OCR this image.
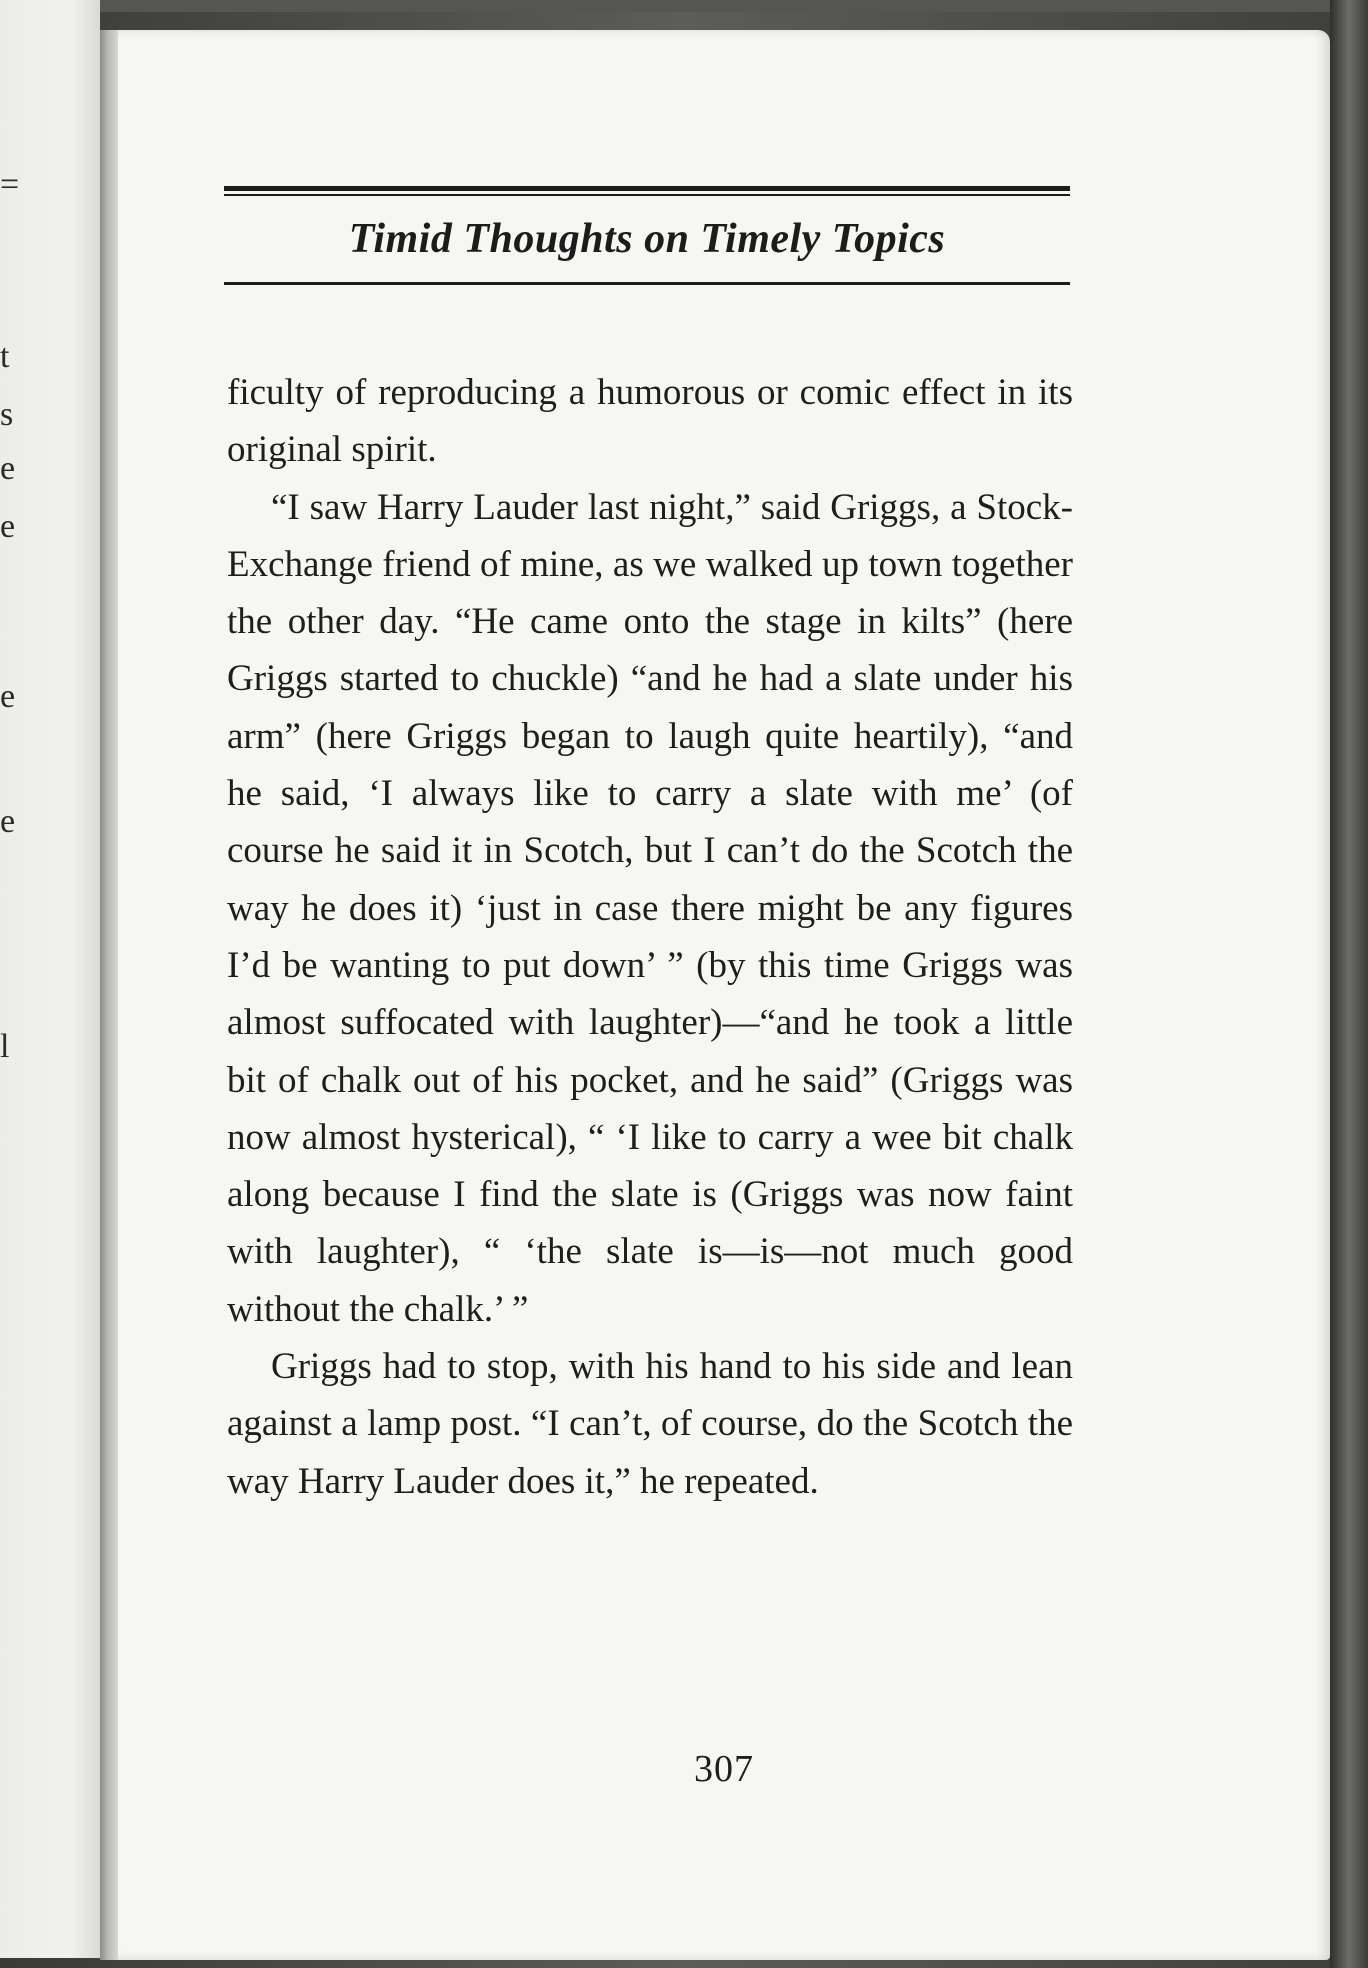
=
t
s
e
e
e
e
l
Timid Thoughts on Timely Topics

ficulty of reproducing a humorous or comic effect in its original spirit.

“I saw Harry Lauder last night,” said Griggs, a Stock-Exchange friend of mine, as we walked up town together the other day. “He came onto the stage in kilts” (here Griggs started to chuckle) “and he had a slate under his arm” (here Griggs began to laugh quite heartily), “and he said, ‘I always like to carry a slate with me’ (of course he said it in Scotch, but I can’t do the Scotch the way he does it) ‘just in case there might be any figures I’d be wanting to put down’ ” (by this time Griggs was almost suffocated with laughter)—“and he took a little bit of chalk out of his pocket, and he said” (Griggs was now almost hysterical), “ ‘I like to carry a wee bit chalk along because I find the slate is (Griggs was now faint with laughter), “ ‘the slate is—is—not much good without the chalk.’ ”

Griggs had to stop, with his hand to his side and lean against a lamp post. “I can’t, of course, do the Scotch the way Harry Lauder does it,” he repeated.

307
